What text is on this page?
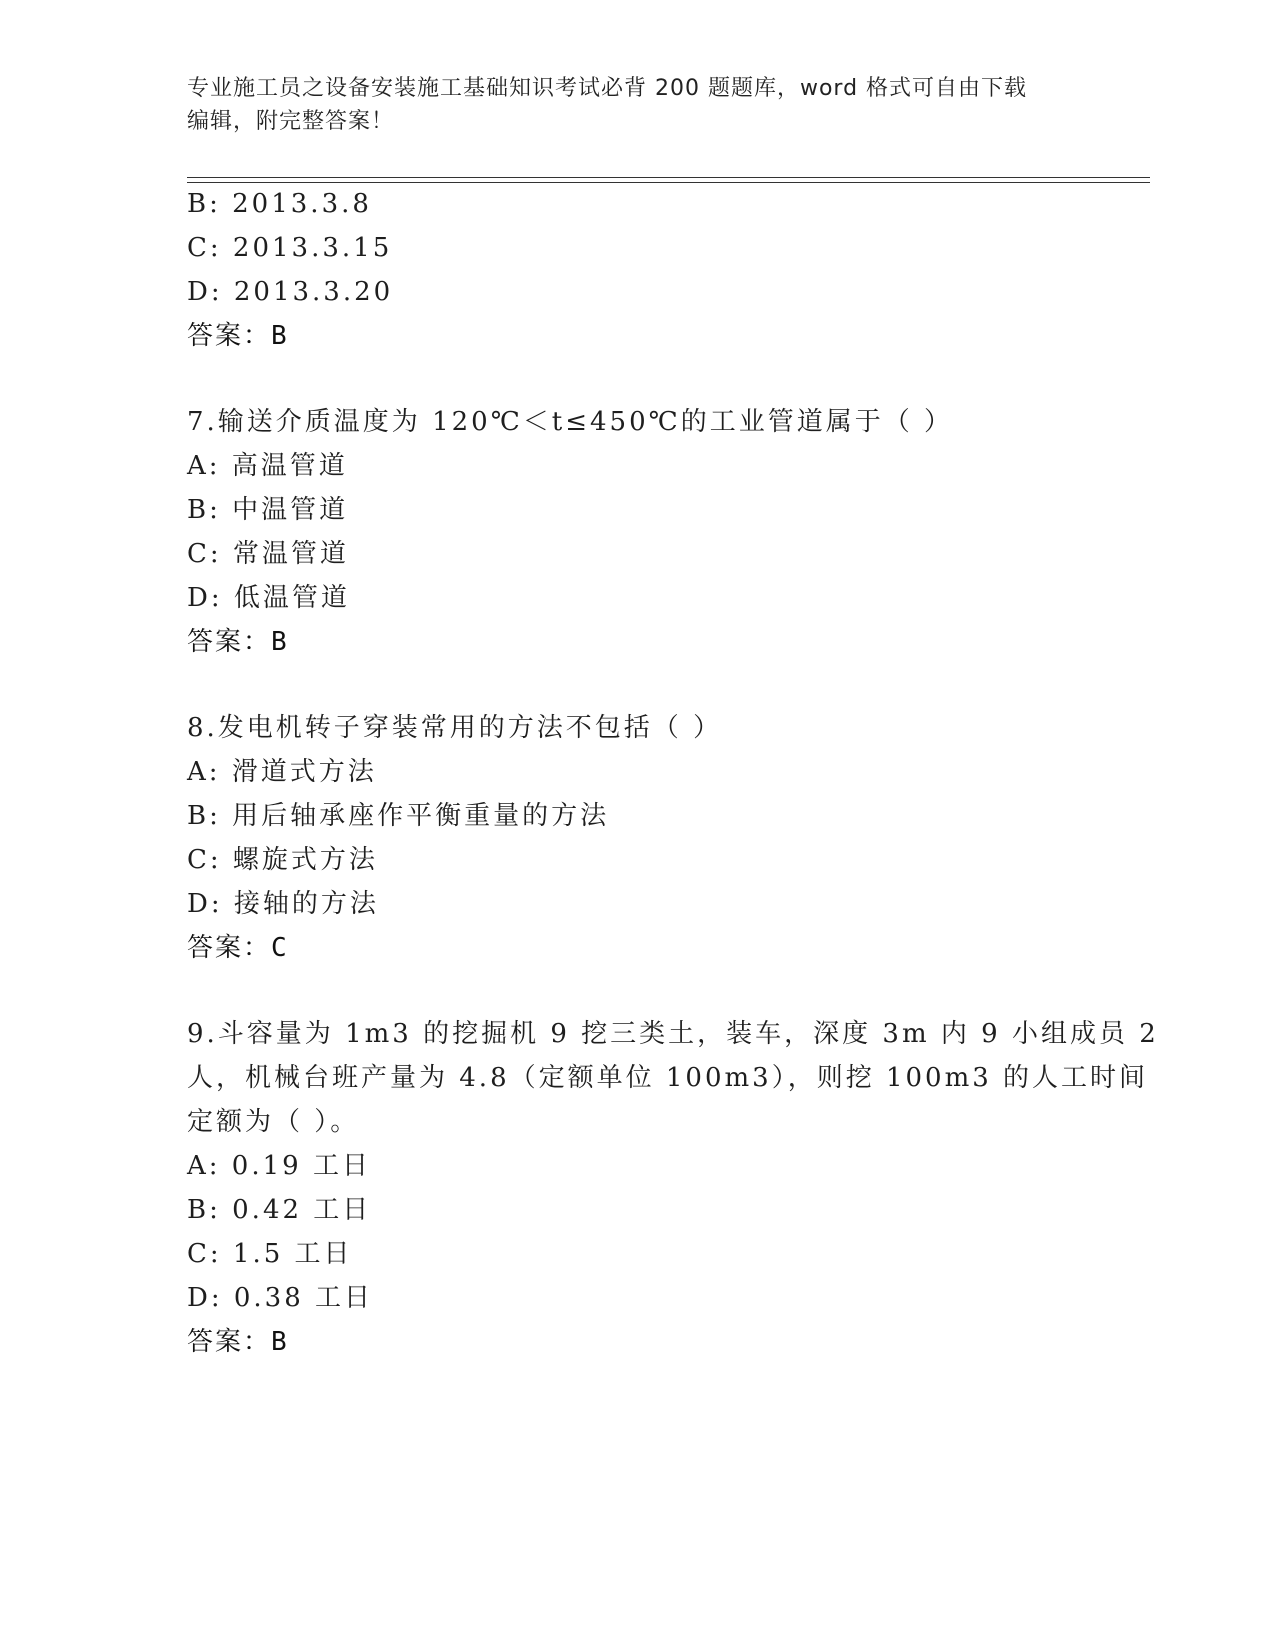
专业施工员之设备安装施工基础知识考试必背 200 题题库，word 格式可自由下载
编辑，附完整答案！
B: 2013.3.8
C: 2013.3.15
D: 2013.3.20
答案：B
7.输送介质温度为 120℃＜t≤450℃的工业管道属于（ ）
A: 高温管道
B: 中温管道
C: 常温管道
D: 低温管道
答案：B
8.发电机转子穿装常用的方法不包括（ ）
A: 滑道式方法
B: 用后轴承座作平衡重量的方法
C: 螺旋式方法
D: 接轴的方法
答案：C
9.斗容量为 1m3 的挖掘机 9 挖三类土，装车，深度 3m 内 9 小组成员 2
人，机械台班产量为 4.8（定额单位 100m3），则挖 100m3 的人工时间
定额为（ ）。
A: 0.19 工日
B: 0.42 工日
C: 1.5 工日
D: 0.38 工日
答案：B
